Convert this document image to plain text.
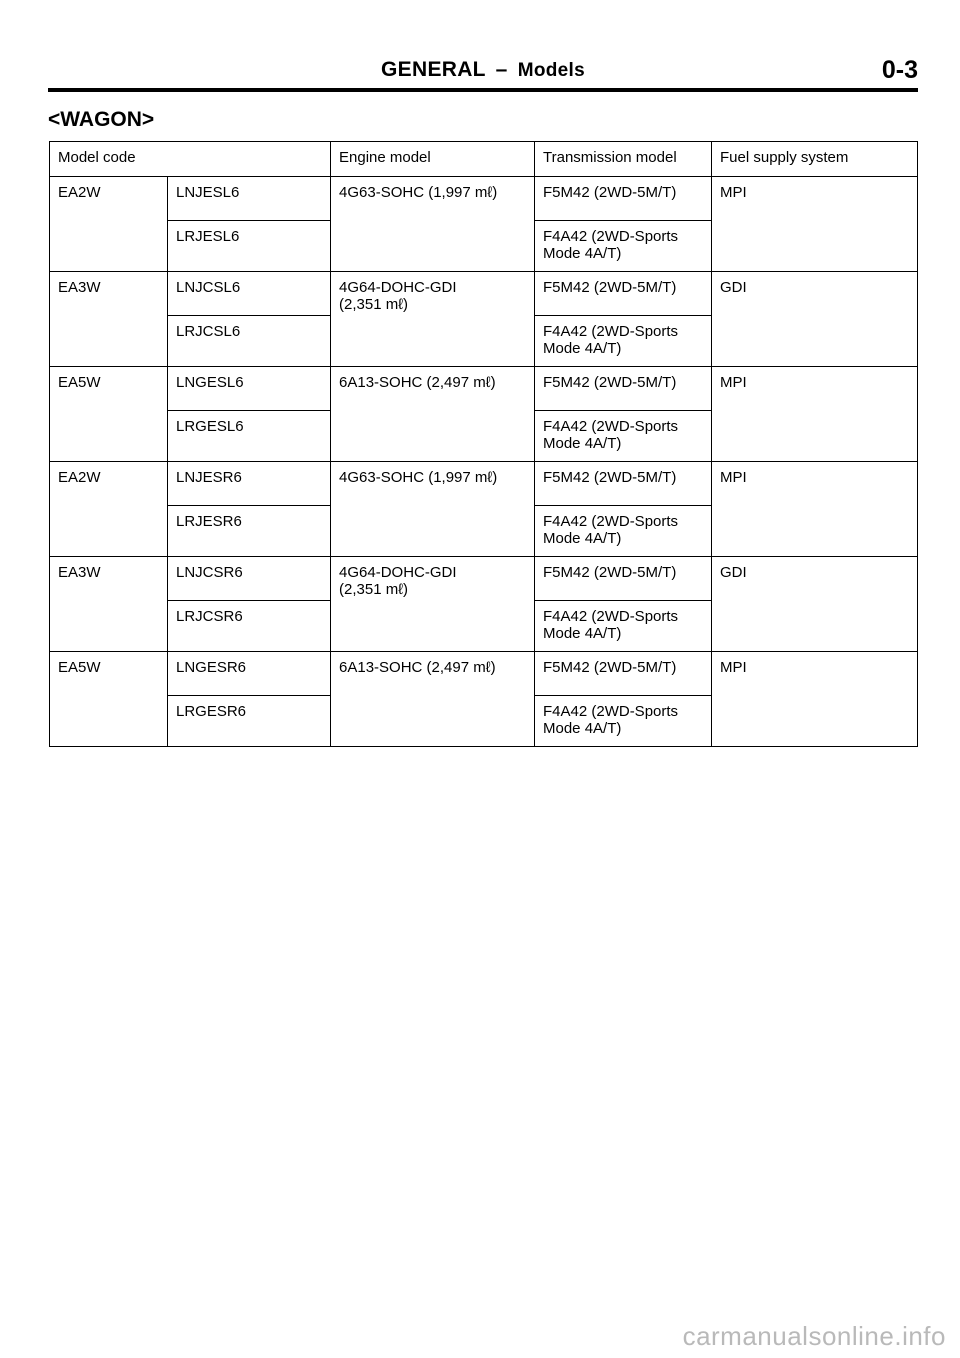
GENERAL – Models	0-3
<WAGON>
Model code		Engine model	Transmission model	Fuel supply system
EA2W	LNJESL6	4G63-SOHC (1,997 mℓ)	F5M42 (2WD-5M/T)	MPI
	LRJESL6		F4A42 (2WD-Sports
Mode 4A/T)	
EA3W	LNJCSL6	4G64-DOHC-GDI
(2,351 mℓ)	F5M42 (2WD-5M/T)	GDI
	LRJCSL6		F4A42 (2WD-Sports
Mode 4A/T)	
EA5W	LNGESL6	6A13-SOHC (2,497 mℓ)	F5M42 (2WD-5M/T)	MPI
	LRGESL6		F4A42 (2WD-Sports
Mode 4A/T)	
EA2W	LNJESR6	4G63-SOHC (1,997 mℓ)	F5M42 (2WD-5M/T)	MPI
	LRJESR6		F4A42 (2WD-Sports
Mode 4A/T)	
EA3W	LNJCSR6	4G64-DOHC-GDI
(2,351 mℓ)	F5M42 (2WD-5M/T)	GDI
	LRJCSR6		F4A42 (2WD-Sports
Mode 4A/T)	
EA5W	LNGESR6	6A13-SOHC (2,497 mℓ)	F5M42 (2WD-5M/T)	MPI
	LRGESR6		F4A42 (2WD-Sports
Mode 4A/T)	
carmanualsonline.info
